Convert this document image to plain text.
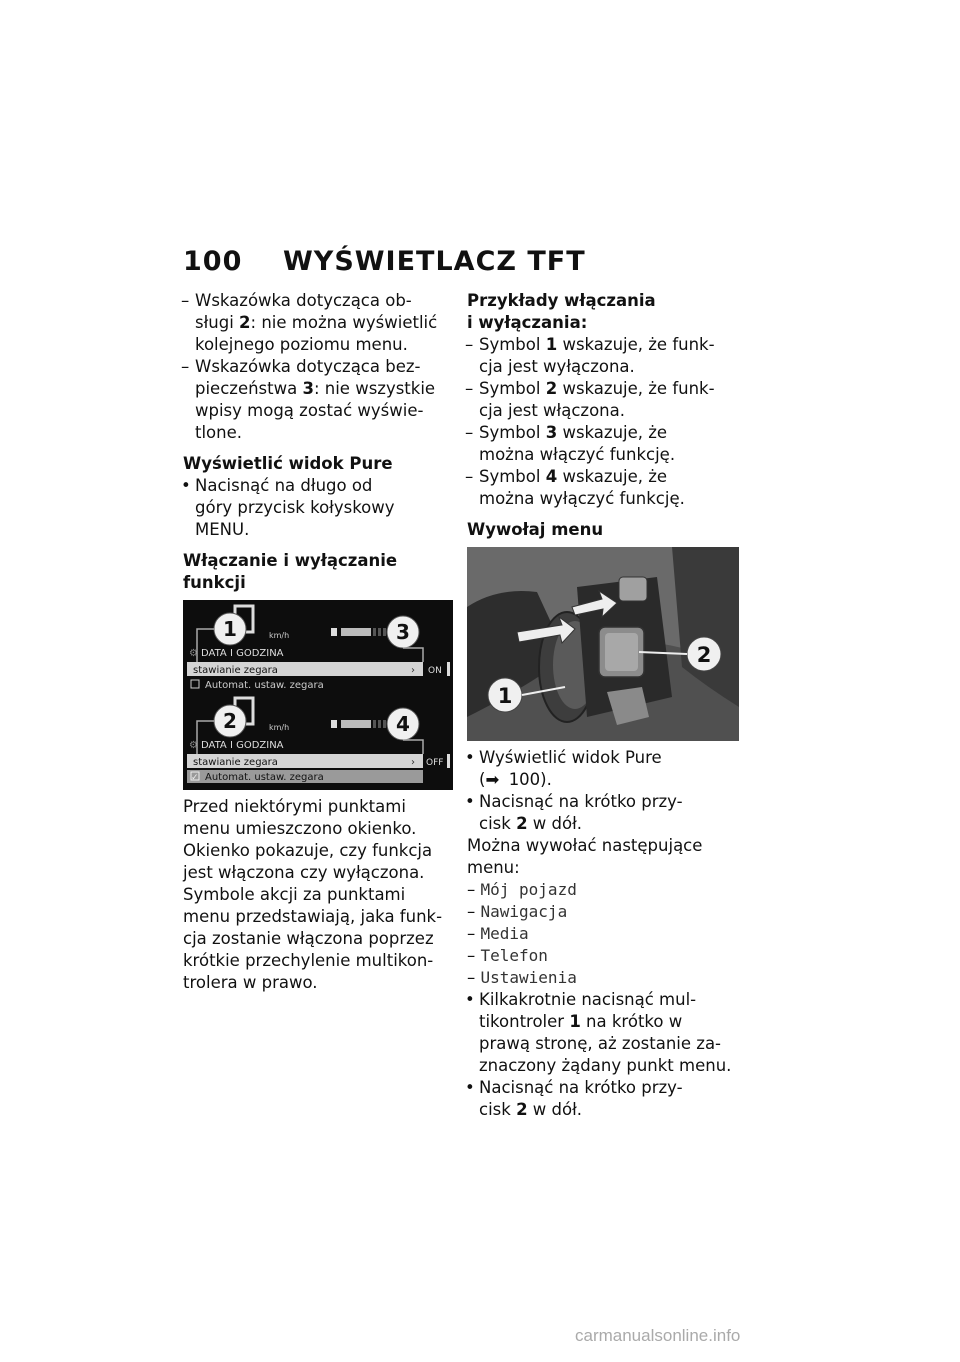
100 WYŚWIETLACZ TFT
– Wskazówka dotycząca ob-
sługi 2: nie można wyświetlić
kolejnego poziomu menu.
– Wskazówka dotycząca bez-
pieczeństwa 3: nie wszystkie
wpisy mogą zostać wyświe-
tlone.
Wyświetlić widok Pure
• Nacisnąć na długo od
góry przycisk kołyskowy
MENU.
Włączanie i wyłączanie
funkcji
km/h
⚙ DATA I GODZINA
stawianie zegara	›
Automat. ustaw. zegara
ON
1	3
km/h
⚙ DATA I GODZINA
stawianie zegara	›
✓ Automat. ustaw. zegara
OFF
2	4
Przed niektórymi punktami
menu umieszczono okienko.
Okienko pokazuje, czy funkcja
jest włączona czy wyłączona.
Symbole akcji za punktami
menu przedstawiają, jaka funk-
cja zostanie włączona poprzez
krótkie przechylenie multikon-
trolera w prawo.
Przykłady włączania
i wyłączania:
– Symbol 1 wskazuje, że funk-
cja jest wyłączona.
– Symbol 2 wskazuje, że funk-
cja jest włączona.
– Symbol 3 wskazuje, że
można włączyć funkcję.
– Symbol 4 wskazuje, że
można wyłączyć funkcję.
Wywołaj menu
1
2
• Wyświetlić widok Pure
(➡ 100).
• Nacisnąć na krótko przy-
cisk 2 w dół.
Można wywołać następujące
menu:
– Mój pojazd
– Nawigacja
– Media
– Telefon
– Ustawienia
• Kilkakrotnie nacisnąć mul-
tikontroler 1 na krótko w
prawą stronę, aż zostanie za-
znaczony żądany punkt menu.
• Nacisnąć na krótko przy-
cisk 2 w dół.
carmanualsonline.info
